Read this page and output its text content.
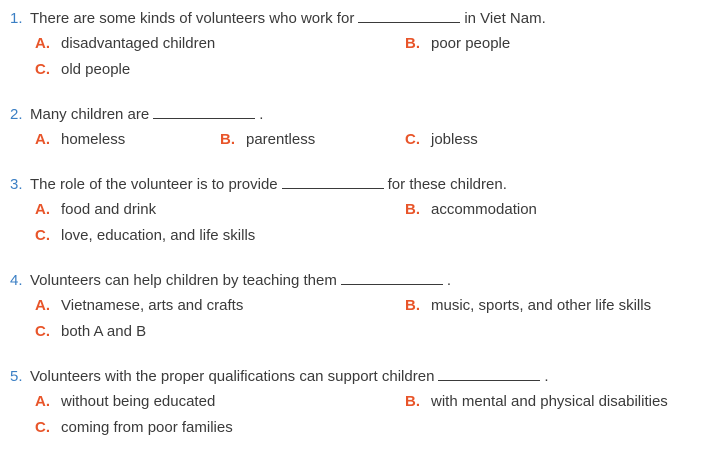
1. There are some kinds of volunteers who work for	in Viet Nam.
A. disadvantaged children	B. poor people
C. old people
2. Many children are	.
A. homeless	B. parentless	C. jobless
3. The role of the volunteer is to provide	for these children.
A. food and drink	B. accommodation
C. love, education, and life skills
4. Volunteers can help children by teaching them	.
A. Vietnamese, arts and crafts	B. music, sports, and other life skills
C. both A and B
5. Volunteers with the proper qualifications can support children	.
A. without being educated	B. with mental and physical disabilities
C. coming from poor families
